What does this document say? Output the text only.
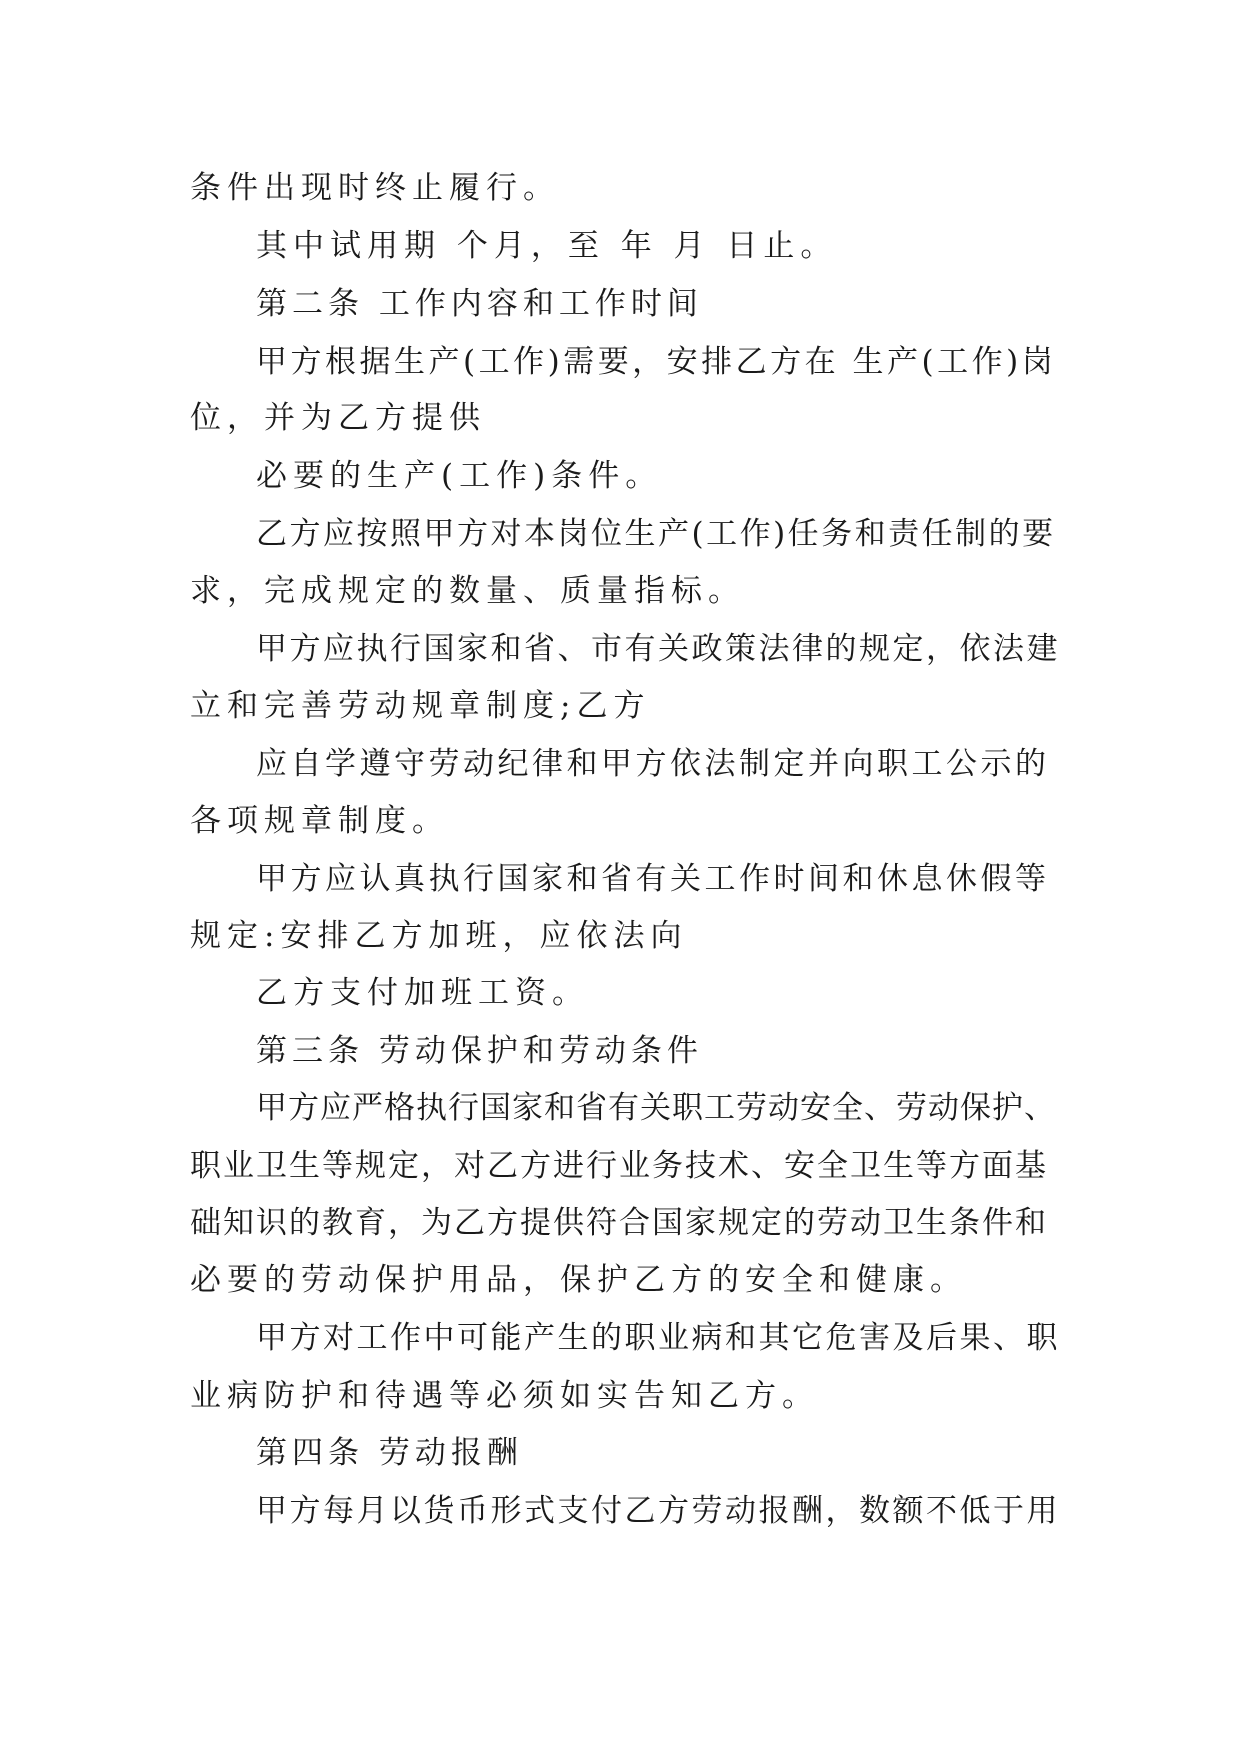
条件出现时终止履行。
其中试用期 个月，至 年 月 日止。
第二条 工作内容和工作时间
甲方根据生产(工作)需要，安排乙方在 生产(工作)岗
位，并为乙方提供
必要的生产(工作)条件。
乙方应按照甲方对本岗位生产(工作)任务和责任制的要
求，完成规定的数量、质量指标。
甲方应执行国家和省、市有关政策法律的规定，依法建
立和完善劳动规章制度;乙方
应自学遵守劳动纪律和甲方依法制定并向职工公示的
各项规章制度。
甲方应认真执行国家和省有关工作时间和休息休假等
规定:安排乙方加班，应依法向
乙方支付加班工资。
第三条 劳动保护和劳动条件
甲方应严格执行国家和省有关职工劳动安全、劳动保护、
职业卫生等规定，对乙方进行业务技术、安全卫生等方面基
础知识的教育，为乙方提供符合国家规定的劳动卫生条件和
必要的劳动保护用品，保护乙方的安全和健康。
甲方对工作中可能产生的职业病和其它危害及后果、职
业病防护和待遇等必须如实告知乙方。
第四条 劳动报酬
甲方每月以货币形式支付乙方劳动报酬，数额不低于用
